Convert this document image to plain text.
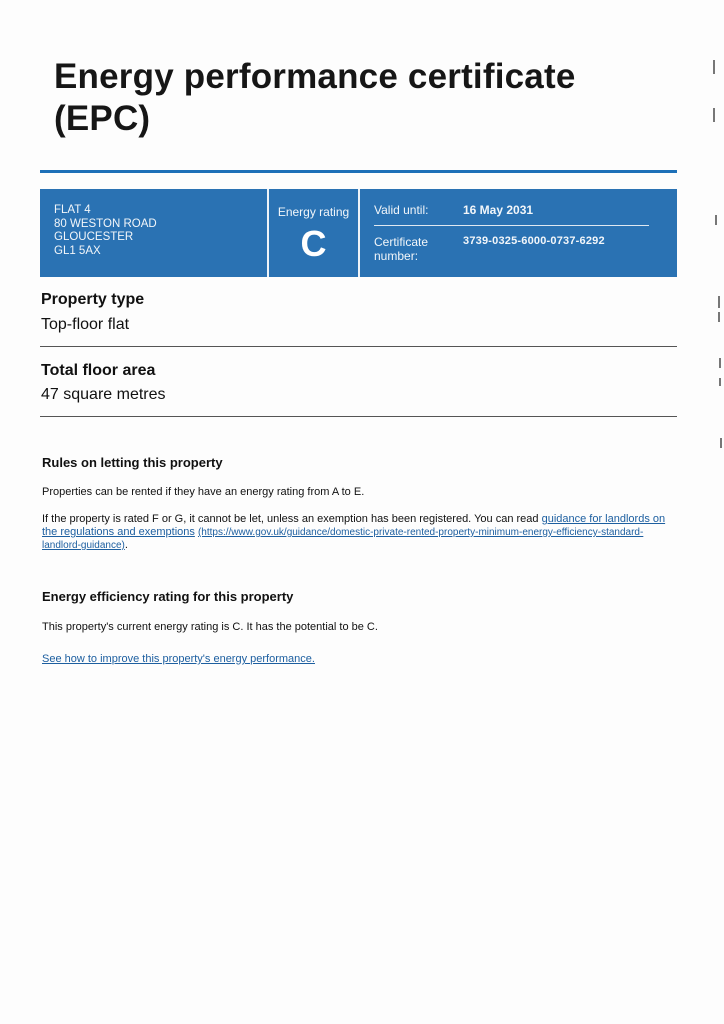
Energy performance certificate
(EPC)
FLAT 4
80 WESTON ROAD
GLOUCESTER
GL1 5AX
Energy rating
C
Valid until:	16 May 2031
Certificate number:
3739-0325-6000-0737-6292
Property type
Top-floor flat
Total floor area
47 square metres
Rules on letting this property

Properties can be rented if they have an energy rating from A to E.

If the property is rated F or G, it cannot be let, unless an exemption has been registered. You can read guidance for landlords on the regulations and exemptions (https://www.gov.uk/guidance/domestic-private-rented-property-minimum-energy-efficiency-standard-landlord-guidance).

Energy efficiency rating for this property

This property's current energy rating is C. It has the potential to be C.

See how to improve this property's energy performance.
